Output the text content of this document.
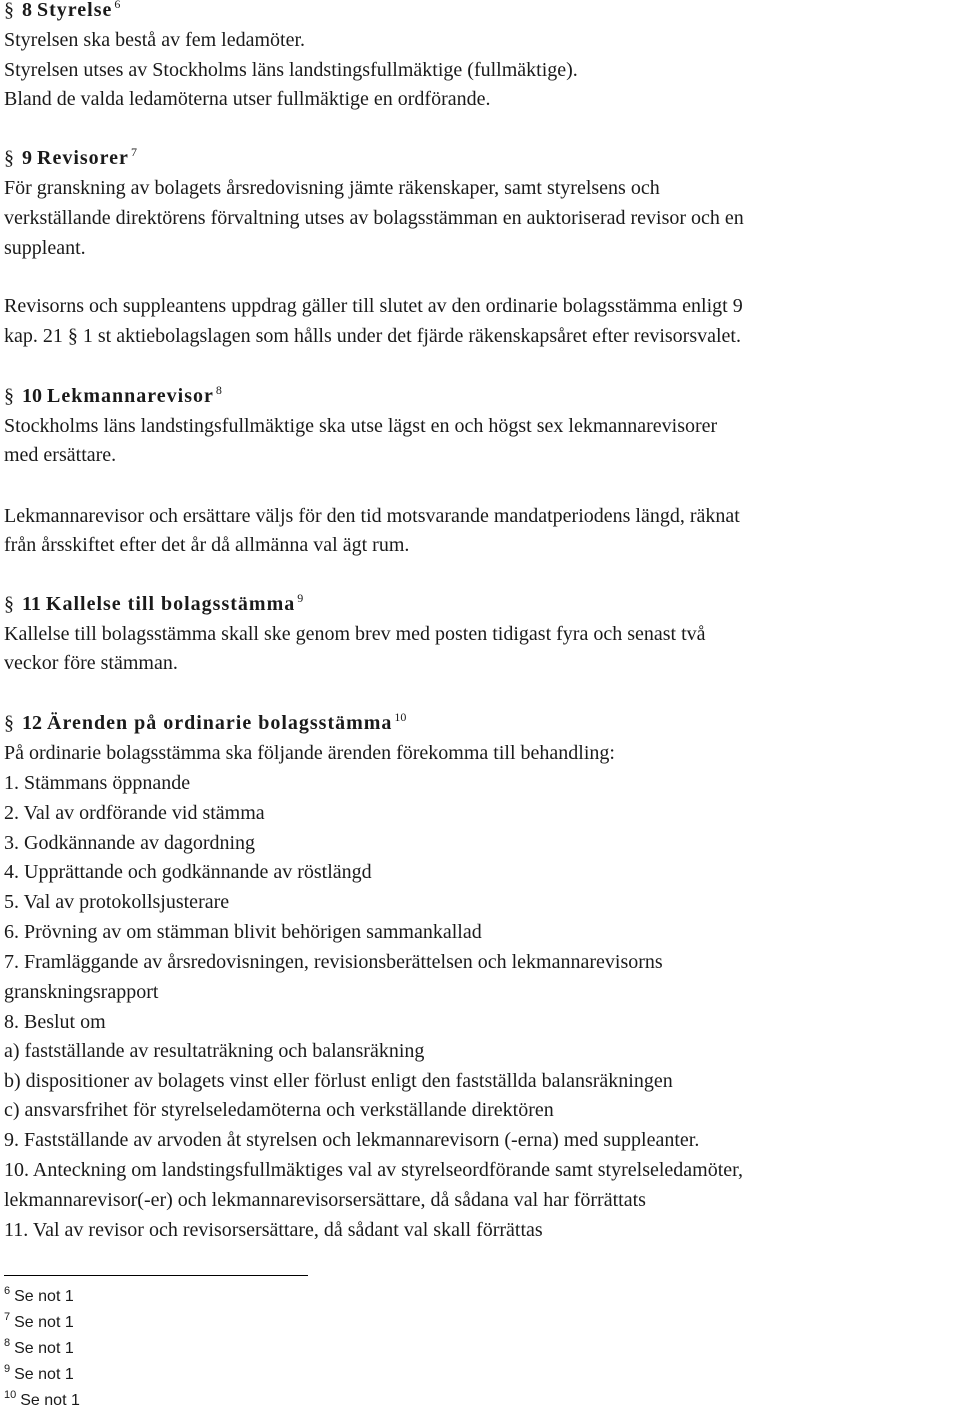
§ 8 Styrelse $^6$
Styrelsen ska bestå av fem ledamöter.
Styrelsen utses av Stockholms läns landstingsfullmäktige (fullmäktige).
Bland de valda ledamöterna utser fullmäktige en ordförande.
§ 9 Revisorer $^7$
För granskning av bolagets årsredovisning jämte räkenskaper, samt styrelsens och
verkställande direktörens förvaltning utses av bolagsstämman en auktoriserad revisor och en
suppleant.
Revisorns och suppleantens uppdrag gäller till slutet av den ordinarie bolagsstämma enligt 9
kap. 21 § 1 st aktiebolagslagen som hålls under det fjärde räkenskapsåret efter revisorsvalet.
§ 10 Lekmannarevisor $^8$
Stockholms läns landstingsfullmäktige ska utse lägst en och högst sex lekmannarevisorer
med ersättare.
Lekmannarevisor och ersättare väljs för den tid motsvarande mandatperiodens längd, räknat
från årsskiftet efter det år då allmänna val ägt rum.
§ 11 Kallelse till bolagsstämma $^9$
Kallelse till bolagsstämma skall ske genom brev med posten tidigast fyra och senast två
veckor före stämman.
§ 12 Ärenden på ordinarie bolagsstämma $^{10}$
På ordinarie bolagsstämma ska följande ärenden förekomma till behandling:
1. Stämmans öppnande
2. Val av ordförande vid stämma
3. Godkännande av dagordning
4. Upprättande och godkännande av röstlängd
5. Val av protokollsjusterare
6. Prövning av om stämman blivit behörigen sammankallad
7. Framläggande av årsredovisningen, revisionsberättelsen och lekmannarevisorns
granskningsrapport
8. Beslut om
a) fastställande av resultaträkning och balansräkning
b) dispositioner av bolagets vinst eller förlust enligt den fastställda balansräkningen
c) ansvarsfrihet för styrelseledamöterna och verkställande direktören
9. Fastställande av arvoden åt styrelsen och lekmannarevisorn (-erna) med suppleanter.
10. Anteckning om landstingsfullmäktiges val av styrelseordförande samt styrelseledamöter,
lekmannarevisor(-er) och lekmannarevisorsersättare, då sådana val har förrättats
11. Val av revisor och revisorsersättare, då sådant val skall förrättas
$^6$ Se not 1
$^7$ Se not 1
$^8$ Se not 1
$^9$ Se not 1
$^{10}$ Se not 1
